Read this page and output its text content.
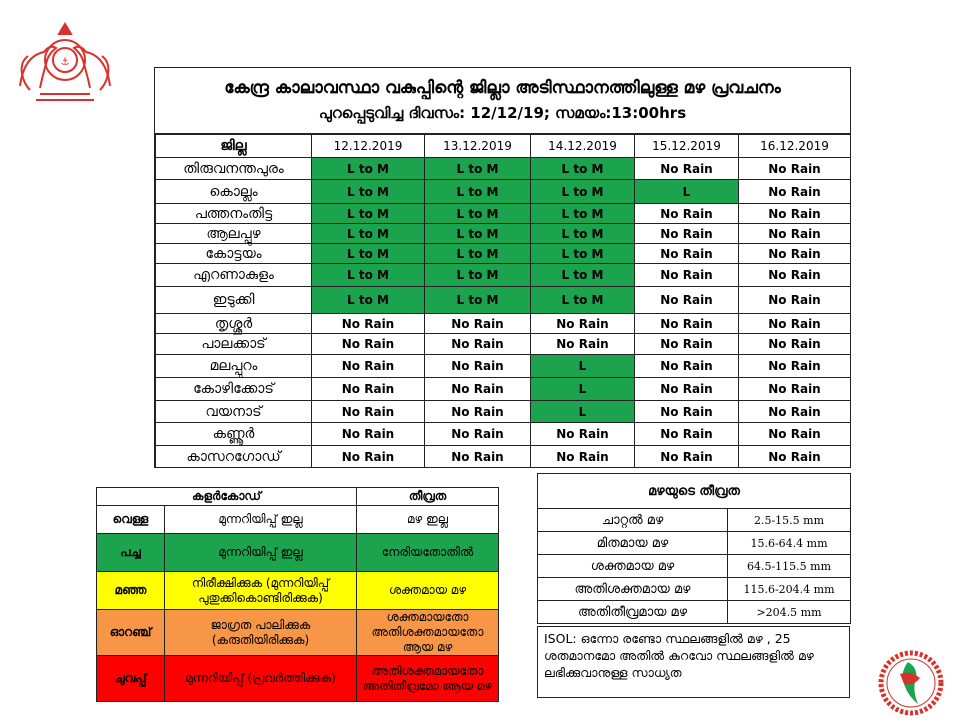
⚓
കേന്ദ്ര കാലാവസ്ഥാ വകുപ്പിന്റെ ജില്ലാ അടിസ്ഥാനത്തിലുള്ള മഴ പ്രവചനം
പുറപ്പെടുവിച്ച ദിവസം: 12/12/19; സമയം:13:00hrs
ജില്ല	12.12.2019	13.12.2019	14.12.2019	15.12.2019	16.12.2019
തിരുവനന്തപുരം	L to M	L to M	L to M	No Rain	No Rain
കൊല്ലം	L to M	L to M	L to M	L	No Rain
പത്തനംതിട്ട	L to M	L to M	L to M	No Rain	No Rain
ആലപ്പുഴ	L to M	L to M	L to M	No Rain	No Rain
കോട്ടയം	L to M	L to M	L to M	No Rain	No Rain
എറണാകുളം	L to M	L to M	L to M	No Rain	No Rain
ഇടുക്കി	L to M	L to M	L to M	No Rain	No Rain
തൃശ്ശൂർ	No Rain	No Rain	No Rain	No Rain	No Rain
പാലക്കാട്	No Rain	No Rain	No Rain	No Rain	No Rain
മലപ്പുറം	No Rain	No Rain	L	No Rain	No Rain
കോഴിക്കോട്	No Rain	No Rain	L	No Rain	No Rain
വയനാട്	No Rain	No Rain	L	No Rain	No Rain
കണ്ണൂർ	No Rain	No Rain	No Rain	No Rain	No Rain
കാസറഗോഡ്	No Rain	No Rain	No Rain	No Rain	No Rain
കളർകോഡ്		തീവ്രത
വെള്ള	മുന്നറിയിപ്പ് ഇല്ല	മഴ ഇല്ല
പച്ച	മുന്നറിയിപ്പ് ഇല്ല	നേരിയതോതിൽ
മഞ്ഞ	നിരീക്ഷിക്കുക (മുന്നറിയിപ്പ് പുതുക്കികൊണ്ടിരിക്കുക)	ശക്തമായ മഴ
ഓറഞ്ച്	ജാഗ്രത പാലിക്കുക (കരുതിയിരിക്കുക)	ശക്തമായതോ അതിശക്തമായതോ ആയ മഴ
ചുവപ്പ്	മുന്നറിയിപ്പ് (പ്രവർത്തിക്കുക)	അതിശക്തമായതോ അതിതീവ്രമോ ആയ മഴ
മഴയുടെ തീവ്രത	
ചാറ്റൽ മഴ	2.5-15.5 mm
മിതമായ മഴ	15.6-64.4 mm
ശക്തമായ മഴ	64.5-115.5 mm
അതിശക്തമായ മഴ	115.6-204.4 mm
അതിതീവ്രമായ മഴ	>204.5 mm
ISOL: ഒന്നോ രണ്ടോ സ്ഥലങ്ങളിൽ മഴ , 25 ശതമാനമോ അതിൽ കുറവോ സ്ഥലങ്ങളിൽ മഴ ലഭിക്കുവാനുള്ള സാധ്യത
